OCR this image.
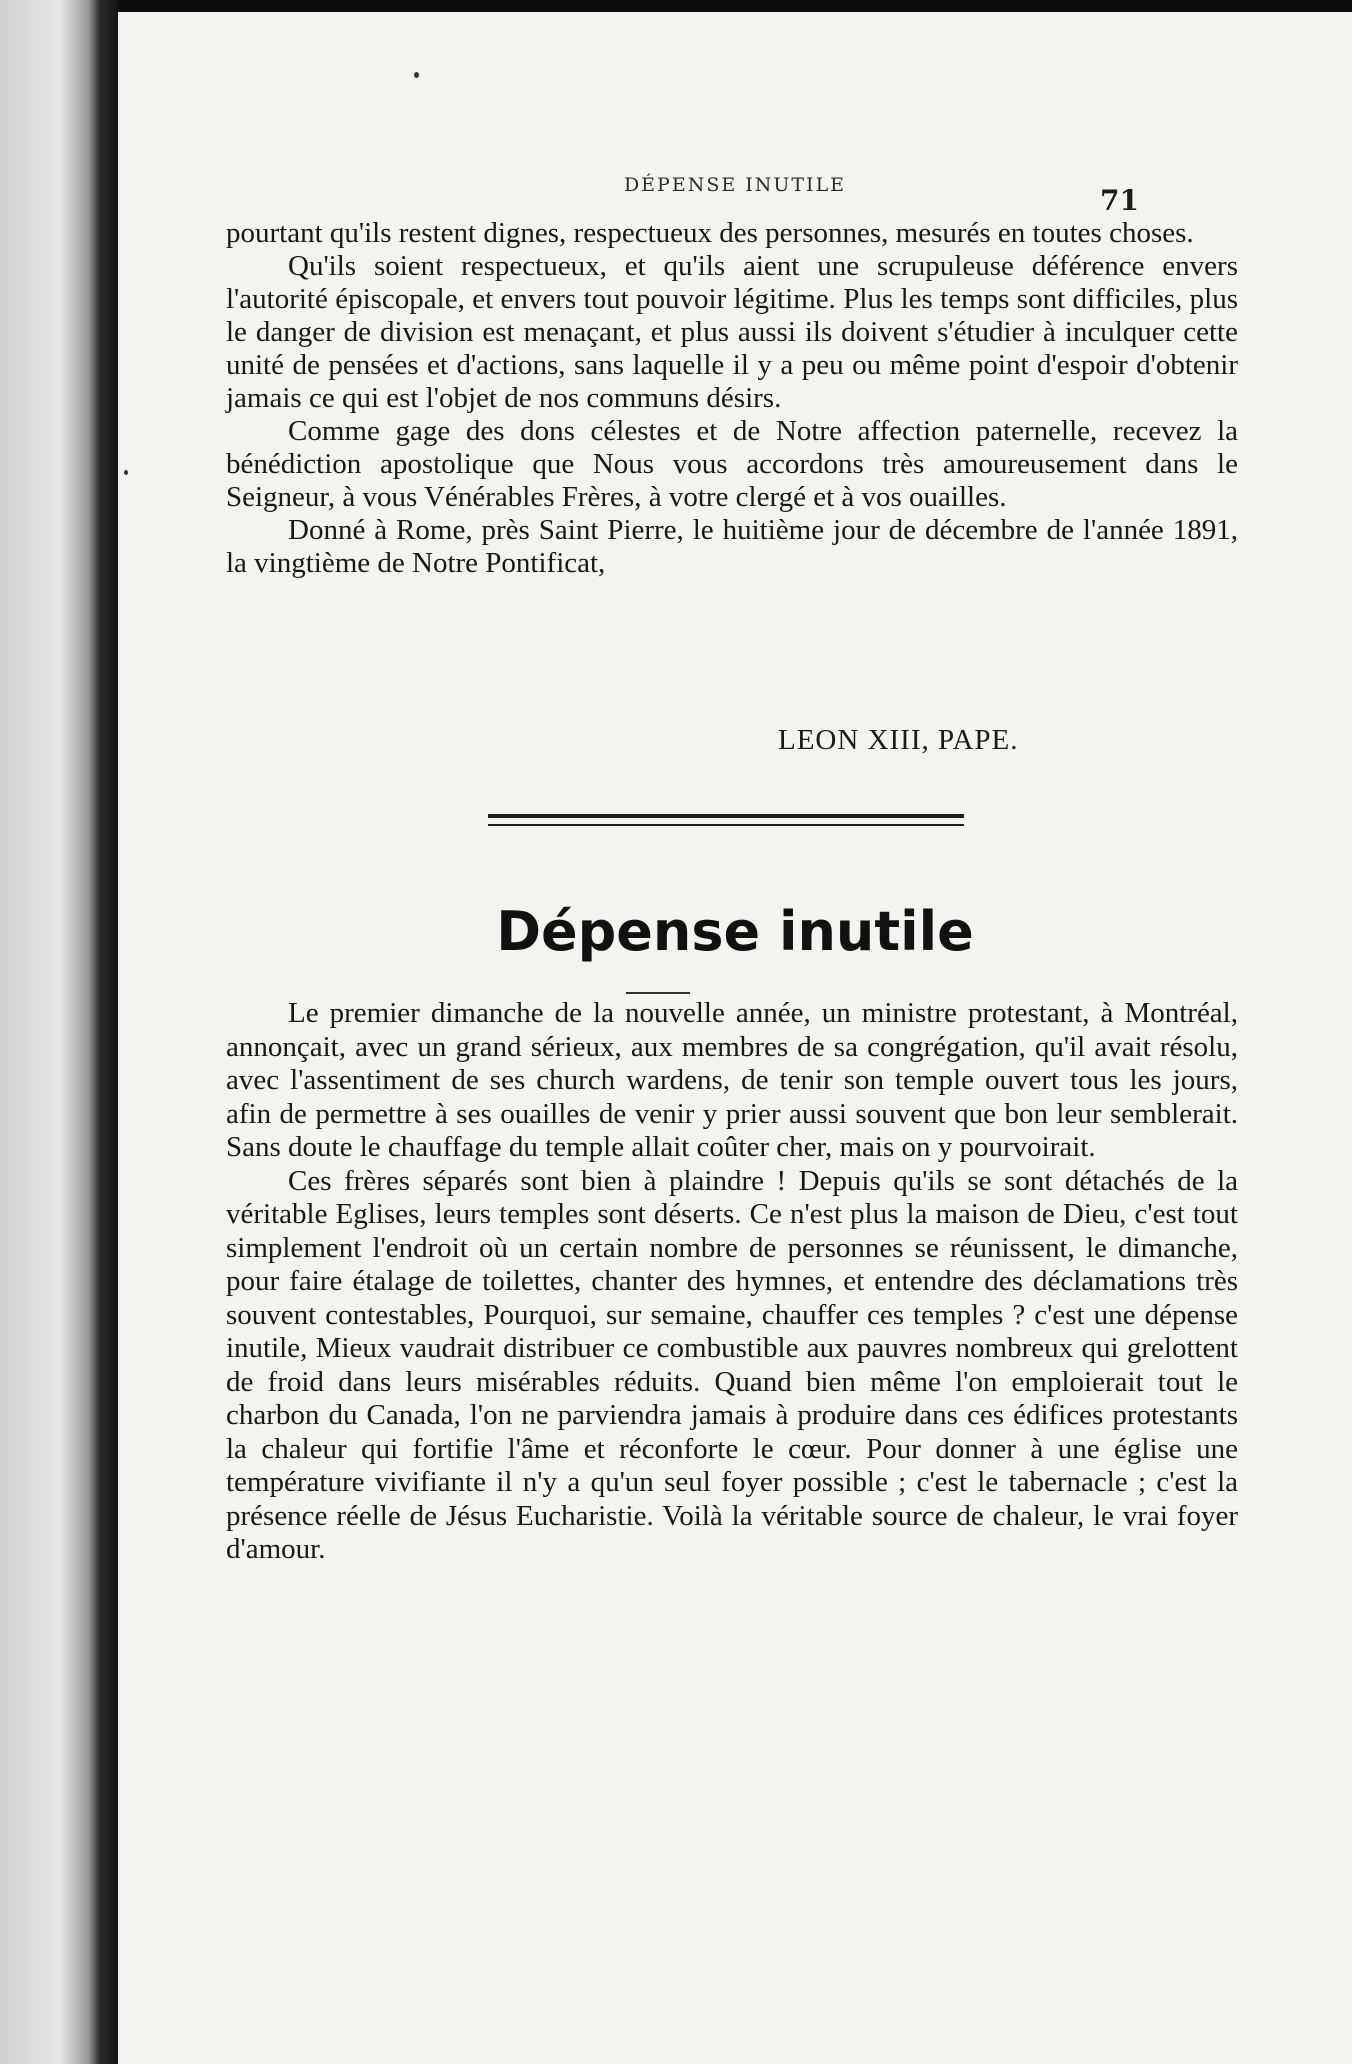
DÉPENSE INUTILE	71

pourtant qu'ils restent dignes, respectueux des personnes, mesurés en toutes choses.

Qu'ils soient respectueux, et qu'ils aient une scrupuleuse déférence envers l'autorité épiscopale, et envers tout pouvoir légitime. Plus les temps sont difficiles, plus le danger de division est menaçant, et plus aussi ils doivent s'étudier à inculquer cette unité de pensées et d'actions, sans laquelle il y a peu ou même point d'espoir d'obtenir jamais ce qui est l'objet de nos communs désirs.

Comme gage des dons célestes et de Notre affection paternelle, recevez la bénédiction apostolique que Nous vous accordons très amoureusement dans le Seigneur, à vous Vénérables Frères, à votre clergé et à vos ouailles.

Donné à Rome, près Saint Pierre, le huitième jour de décembre de l'année 1891, la vingtième de Notre Pontificat,

LEON XIII, PAPE.
Dépense inutile

Le premier dimanche de la nouvelle année, un ministre protestant, à Montréal, annonçait, avec un grand sérieux, aux membres de sa congrégation, qu'il avait résolu, avec l'assentiment de ses church wardens, de tenir son temple ouvert tous les jours, afin de permettre à ses ouailles de venir y prier aussi souvent que bon leur semblerait. Sans doute le chauffage du temple allait coûter cher, mais on y pourvoirait.

Ces frères séparés sont bien à plaindre ! Depuis qu'ils se sont détachés de la véritable Eglises, leurs temples sont déserts. Ce n'est plus la maison de Dieu, c'est tout simplement l'endroit où un certain nombre de personnes se réunissent, le dimanche, pour faire étalage de toilettes, chanter des hymnes, et entendre des déclamations très souvent contestables, Pourquoi, sur semaine, chauffer ces temples ? c'est une dépense inutile, Mieux vaudrait distribuer ce combustible aux pauvres nombreux qui grelottent de froid dans leurs misérables réduits. Quand bien même l'on emploierait tout le charbon du Canada, l'on ne parviendra jamais à produire dans ces édifices protestants la chaleur qui fortifie l'âme et réconforte le cœur. Pour donner à une église une température vivifiante il n'y a qu'un seul foyer possible ; c'est le tabernacle ; c'est la présence réelle de Jésus Eucharistie. Voilà la véritable source de chaleur, le vrai foyer d'amour.
